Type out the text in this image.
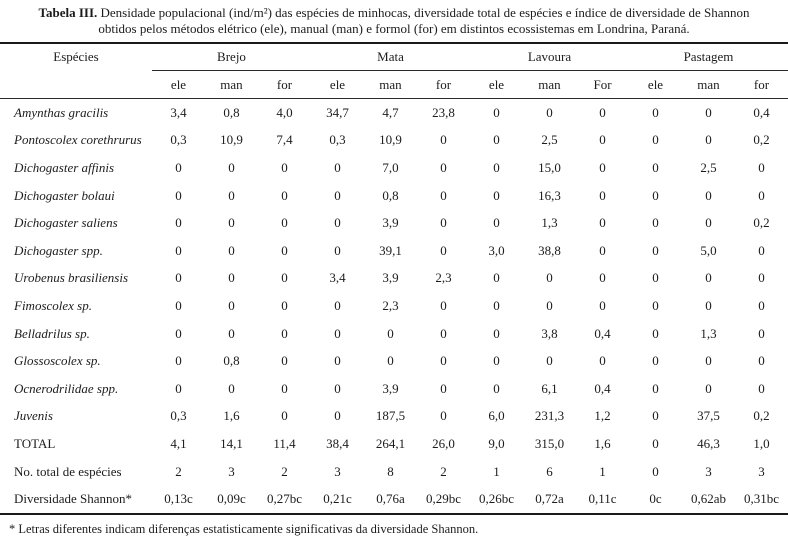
Tabela III. Densidade populacional (ind/m²) das espécies de minhocas, diversidade total de espécies e índice de diversidade de Shannon
obtidos pelos métodos elétrico (ele), manual (man) e formol (for) em distintos ecossistemas em Londrina, Paraná.
Espécies	Brejo			Mata			Lavoura			Pastagem		
	ele	man	for	ele	man	for	ele	man	For	ele	man	for
Amynthas gracilis	3,4	0,8	4,0	34,7	4,7	23,8	0	0	0	0	0	0,4
Pontoscolex corethrurus	0,3	10,9	7,4	0,3	10,9	0	0	2,5	0	0	0	0,2
Dichogaster affinis	0	0	0	0	7,0	0	0	15,0	0	0	2,5	0
Dichogaster bolaui	0	0	0	0	0,8	0	0	16,3	0	0	0	0
Dichogaster saliens	0	0	0	0	3,9	0	0	1,3	0	0	0	0,2
Dichogaster spp.	0	0	0	0	39,1	0	3,0	38,8	0	0	5,0	0
Urobenus brasiliensis	0	0	0	3,4	3,9	2,3	0	0	0	0	0	0
Fimoscolex sp.	0	0	0	0	2,3	0	0	0	0	0	0	0
Belladrilus sp.	0	0	0	0	0	0	0	3,8	0,4	0	1,3	0
Glossoscolex sp.	0	0,8	0	0	0	0	0	0	0	0	0	0
Ocnerodrilidae spp.	0	0	0	0	3,9	0	0	6,1	0,4	0	0	0
Juvenis	0,3	1,6	0	0	187,5	0	6,0	231,3	1,2	0	37,5	0,2
TOTAL	4,1	14,1	11,4	38,4	264,1	26,0	9,0	315,0	1,6	0	46,3	1,0
No. total de espécies	2	3	2	3	8	2	1	6	1	0	3	3
Diversidade Shannon*	0,13c	0,09c	0,27bc	0,21c	0,76a	0,29bc	0,26bc	0,72a	0,11c	0c	0,62ab	0,31bc
* Letras diferentes indicam diferenças estatisticamente significativas da diversidade Shannon.
